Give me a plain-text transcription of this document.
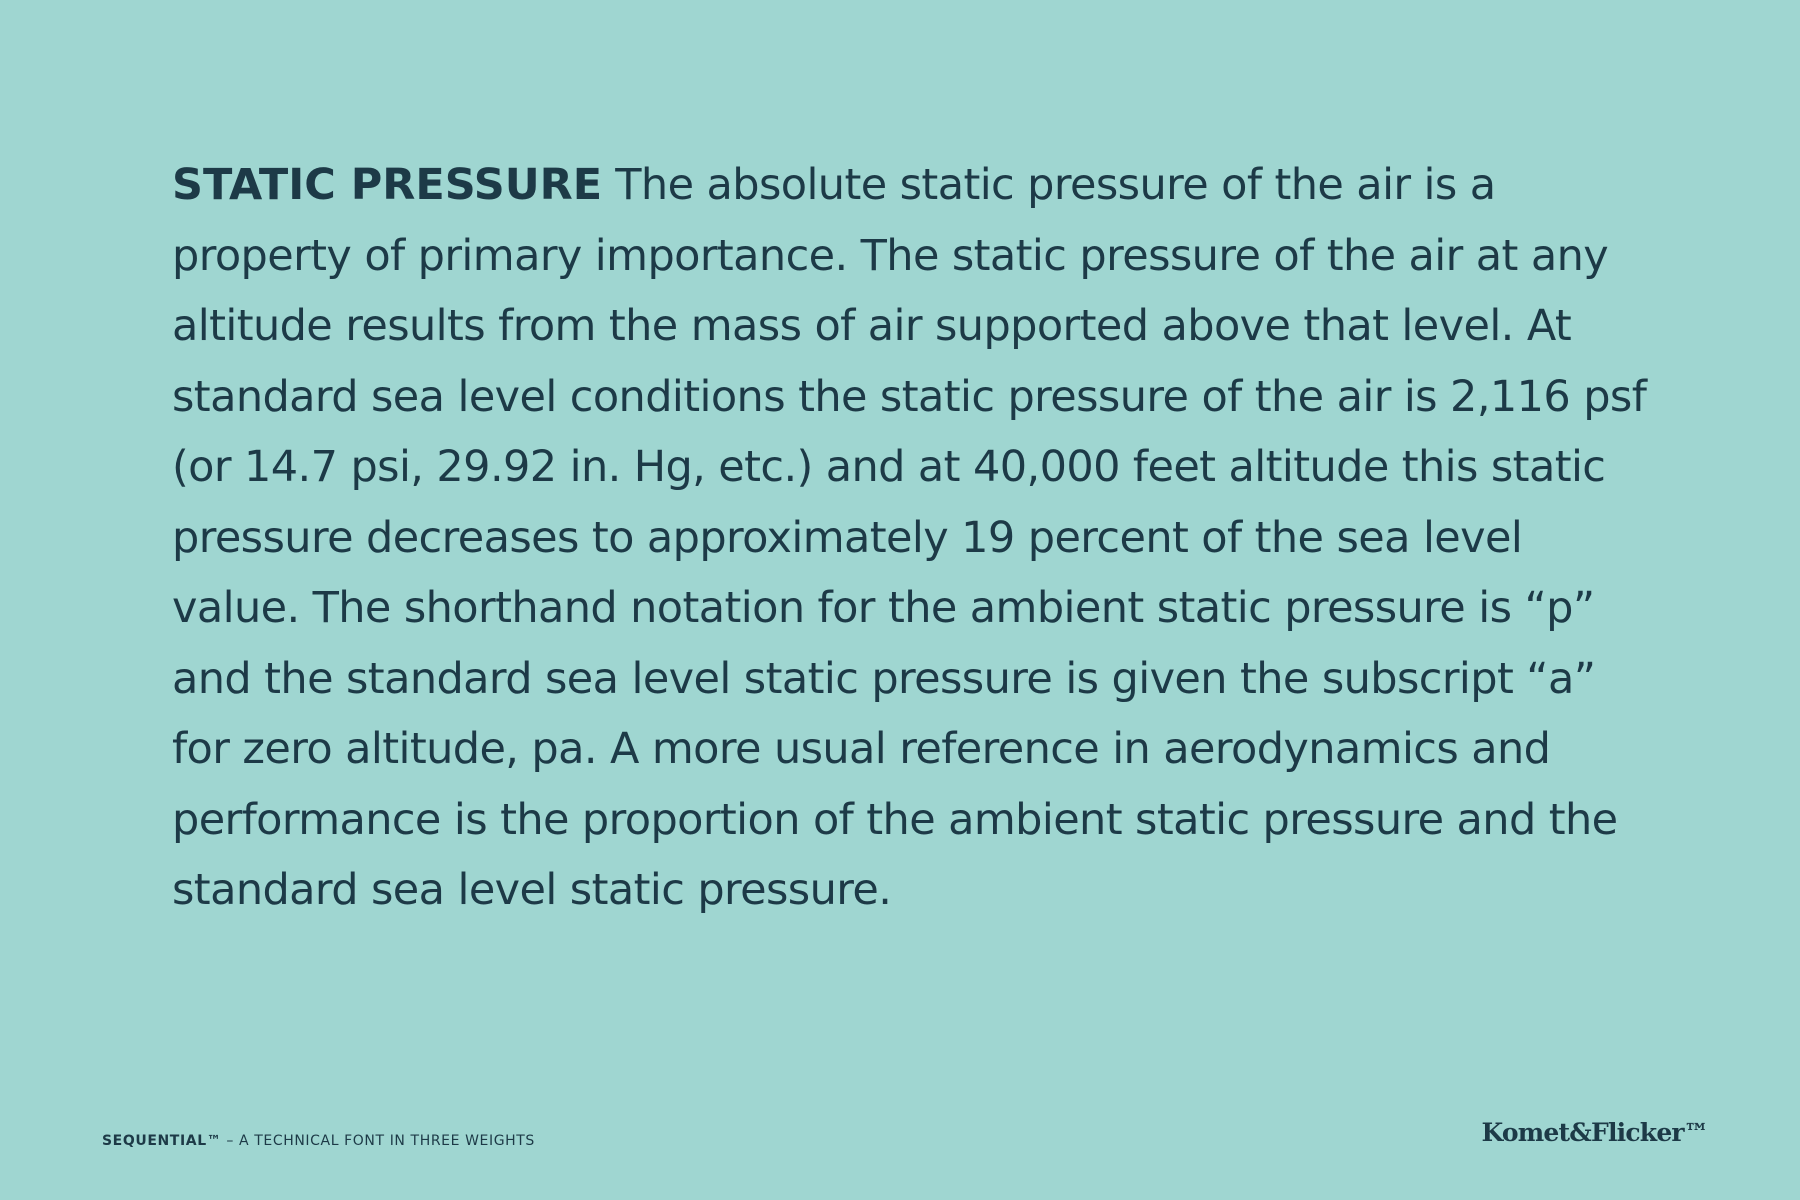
STATIC PRESSURE The absolute static pressure of the air is a property of primary importance. The static pressure of the air at any altitude results from the mass of air supported above that level. At standard sea level conditions the static pressure of the air is 2,116 psf (or 14.7 psi, 29.92 in. Hg, etc.) and at 40,000 feet altitude this static pressure decreases to approximately 19 percent of the sea level value. The shorthand notation for the ambient static pressure is “p” and the standard sea level static pressure is given the subscript “a” for zero altitude, pa. A more usual reference in aerodynamics and performance is the proportion of the ambient static pressure and the standard sea level static pressure.

SEQUENTIAL™ – A TECHNICAL FONT IN THREE WEIGHTS	Komet&Flicker™
